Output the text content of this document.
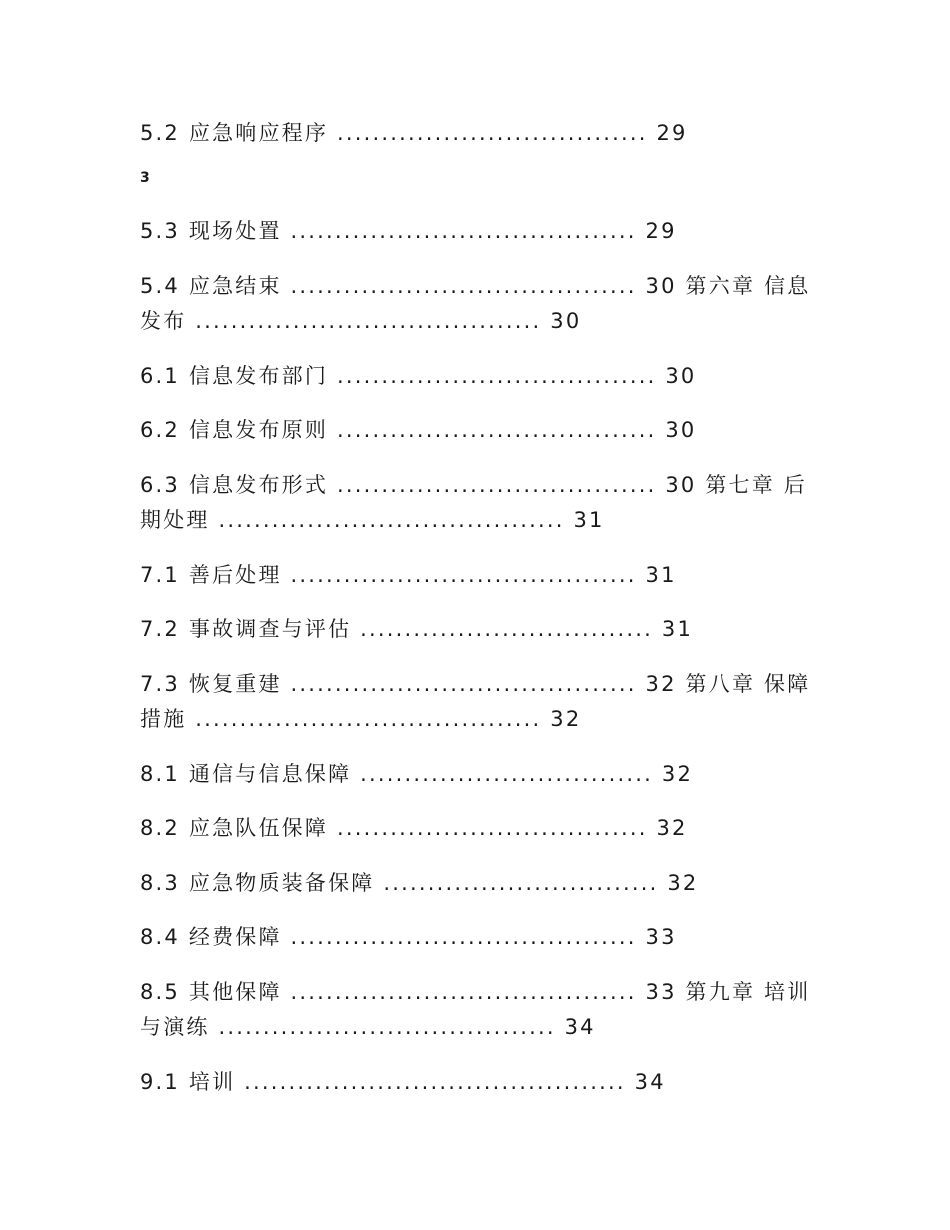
5.2 应急响应程序 ................................... 29
3
5.3 现场处置 ....................................... 29
5.4 应急结束 ....................................... 30 第六章 信息
发布 ....................................... 30
6.1 信息发布部门 .................................... 30
6.2 信息发布原则 .................................... 30
6.3 信息发布形式 .................................... 30 第七章 后
期处理 ....................................... 31
7.1 善后处理 ....................................... 31
7.2 事故调查与评估 ................................. 31
7.3 恢复重建 ....................................... 32 第八章 保障
措施 ....................................... 32
8.1 通信与信息保障 ................................. 32
8.2 应急队伍保障 ................................... 32
8.3 应急物质装备保障 ............................... 32
8.4 经费保障 ....................................... 33
8.5 其他保障 ....................................... 33 第九章 培训
与演练 ...................................... 34
9.1 培训 ........................................... 34
